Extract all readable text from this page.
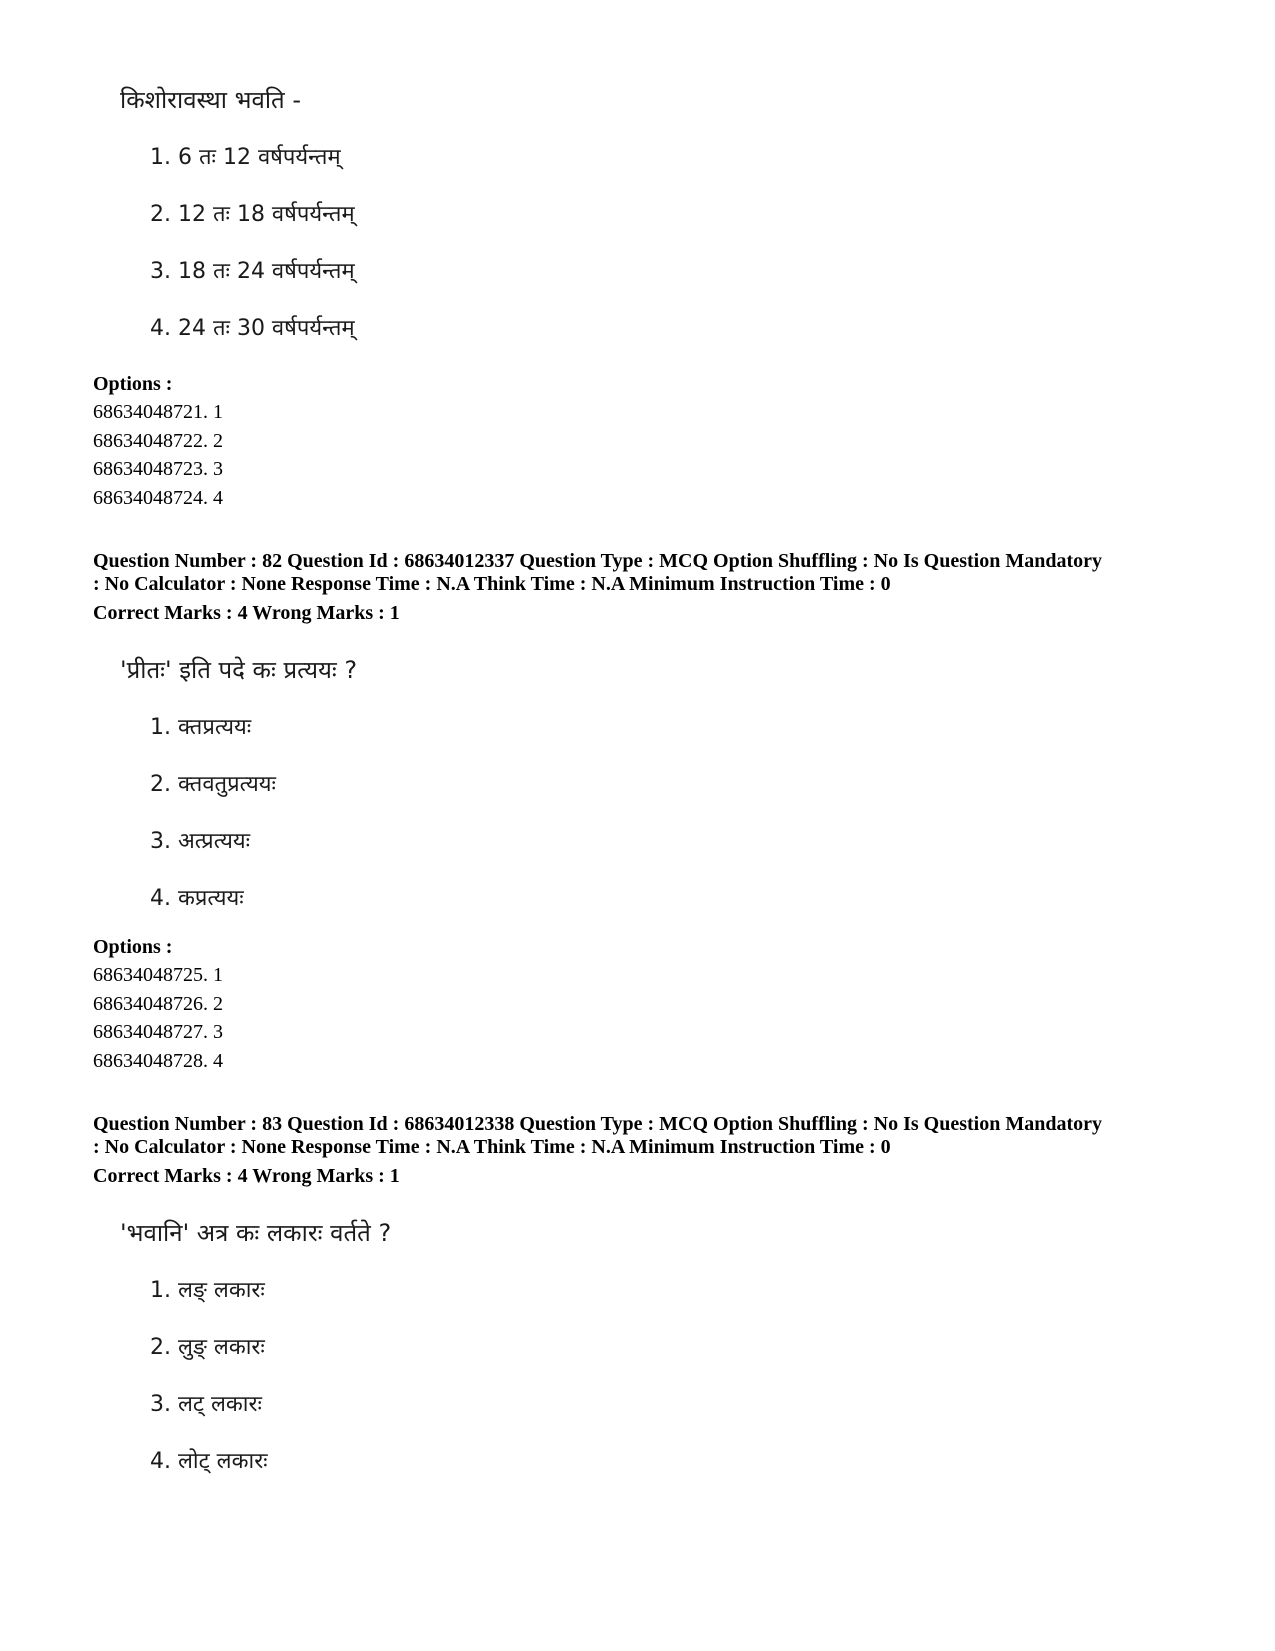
किशोरावस्था भवति -
1. 6 तः 12 वर्षपर्यन्तम्
2. 12 तः 18 वर्षपर्यन्तम्
3. 18 तः 24 वर्षपर्यन्तम्
4. 24 तः 30 वर्षपर्यन्तम्
Options :
68634048721. 1
68634048722. 2
68634048723. 3
68634048724. 4
Question Number : 82 Question Id : 68634012337 Question Type : MCQ Option Shuffling : No Is Question Mandatory
: No Calculator : None Response Time : N.A Think Time : N.A Minimum Instruction Time : 0
Correct Marks : 4 Wrong Marks : 1
'प्रीतः' इति पदे कः प्रत्ययः ?
1. क्तप्रत्ययः
2. क्तवतुप्रत्ययः
3. अत्प्रत्ययः
4. कप्रत्ययः
Options :
68634048725. 1
68634048726. 2
68634048727. 3
68634048728. 4
Question Number : 83 Question Id : 68634012338 Question Type : MCQ Option Shuffling : No Is Question Mandatory
: No Calculator : None Response Time : N.A Think Time : N.A Minimum Instruction Time : 0
Correct Marks : 4 Wrong Marks : 1
'भवानि' अत्र कः लकारः वर्तते ?
1. लङ् लकारः
2. लुङ् लकारः
3. लट् लकारः
4. लोट् लकारः
